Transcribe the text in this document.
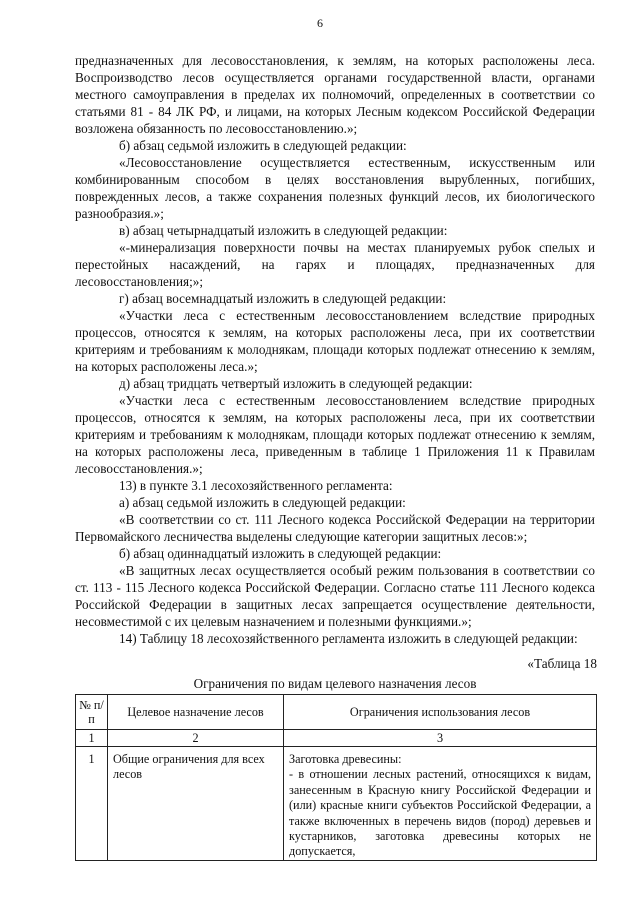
6

предназначенных для лесовосстановления, к землям, на которых расположены леса. Воспроизводство лесов осуществляется органами государственной власти, органами местного самоуправления в пределах их полномочий, определенных в соответствии со статьями 81 - 84 ЛК РФ, и лицами, на которых Лесным кодексом Российской Федерации возложена обязанность по лесовосстановлению.»;

б) абзац седьмой изложить в следующей редакции:

«Лесовосстановление осуществляется естественным, искусственным или комбинированным способом в целях восстановления вырубленных, погибших, поврежденных лесов, а также сохранения полезных функций лесов, их биологического разнообразия.»;

в) абзац четырнадцатый изложить в следующей редакции:

«-минерализация поверхности почвы на местах планируемых рубок спелых и перестойных насаждений, на гарях и площадях, предназначенных для лесовосстановления;»;

г) абзац восемнадцатый изложить в следующей редакции:

«Участки леса с естественным лесовосстановлением вследствие природных процессов, относятся к землям, на которых расположены леса, при их соответствии критериям и требованиям к молоднякам, площади которых подлежат отнесению к землям, на которых расположены леса.»;

д) абзац тридцать четвертый изложить в следующей редакции:

«Участки леса с естественным лесовосстановлением вследствие природных процессов, относятся к землям, на которых расположены леса, при их соответствии критериям и требованиям к молоднякам, площади которых подлежат отнесению к землям, на которых расположены леса, приведенным в таблице 1 Приложения 11 к Правилам лесовосстановления.»;

13) в пункте 3.1 лесохозяйственного регламента:

а) абзац седьмой изложить в следующей редакции:

«В соответствии со ст. 111 Лесного кодекса Российской Федерации на территории Первомайского лесничества выделены следующие категории защитных лесов:»;

б) абзац одиннадцатый изложить в следующей редакции:

«В защитных лесах осуществляется особый режим пользования в соответствии со ст. 113 - 115 Лесного кодекса Российской Федерации. Согласно статье 111 Лесного кодекса Российской Федерации в защитных лесах запрещается осуществление деятельности, несовместимой с их целевым назначением и полезными функциями.»;

14) Таблицу 18 лесохозяйственного регламента изложить в следующей редакции:

«Таблица 18
Ограничения по видам целевого назначения лесов
№ п/п	Целевое назначение лесов	Ограничения использования лесов
1	2	3
1	Общие ограничения для всех лесов	Заготовка древесины:

- в отношении лесных растений, относящихся к видам, занесенным в Красную книгу Российской Федерации и (или) красные книги субъектов Российской Федерации, а также включенных в перечень видов (пород) деревьев и кустарников, заготовка древесины которых не допускается,
